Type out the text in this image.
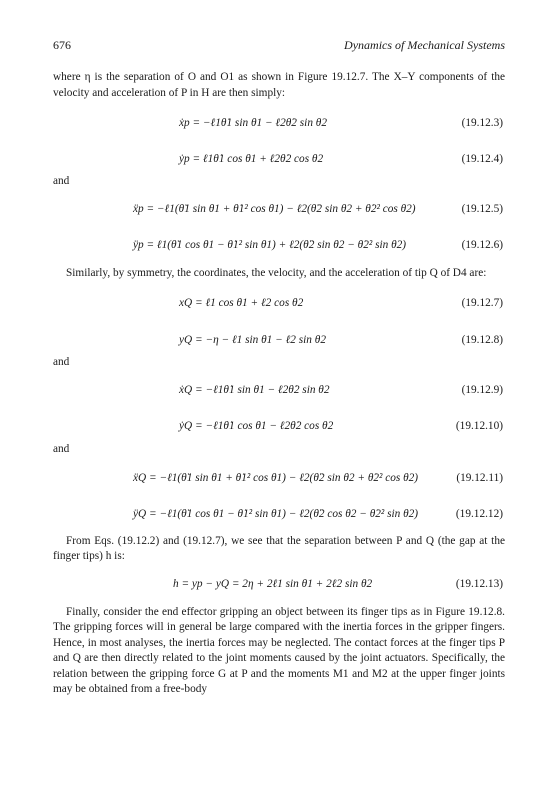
676	Dynamics of Mechanical Systems

where η is the separation of O and O1 as shown in Figure 19.12.7. The X–Y components of the velocity and acceleration of P in H are then simply:

ẋp = −ℓ1θ̇1 sin θ1 − ℓ2θ̇2 sin θ2	(19.12.3)
ẏp = ℓ1θ̇1 cos θ1 + ℓ2θ̇2 cos θ2	(19.12.4)
and
ẍp = −ℓ1(θ̈1 sin θ1 + θ̇1² cos θ1) − ℓ2(θ̈2 sin θ2 + θ̇2² cos θ2)	(19.12.5)
ÿp = ℓ1(θ̈1 cos θ1 − θ̇1² sin θ1) + ℓ2(θ̈2 sin θ2 − θ̇2² sin θ2)	(19.12.6)

Similarly, by symmetry, the coordinates, the velocity, and the acceleration of tip Q of D4 are:

xQ = ℓ1 cos θ1 + ℓ2 cos θ2	(19.12.7)
yQ = −η − ℓ1 sin θ1 − ℓ2 sin θ2	(19.12.8)
and
ẋQ = −ℓ1θ̇1 sin θ1 − ℓ2θ̇2 sin θ2	(19.12.9)
ẏQ = −ℓ1θ̇1 cos θ1 − ℓ2θ̇2 cos θ2	(19.12.10)
and
ẍQ = −ℓ1(θ̈1 sin θ1 + θ̇1² cos θ1) − ℓ2(θ̈2 sin θ2 + θ̇2² cos θ2)	(19.12.11)
ÿQ = −ℓ1(θ̈1 cos θ1 − θ̇1² sin θ1) − ℓ2(θ̈2 cos θ2 − θ̇2² sin θ2)	(19.12.12)

From Eqs. (19.12.2) and (19.12.7), we see that the separation between P and Q (the gap at the finger tips) h is:

h = yp − yQ = 2η + 2ℓ1 sin θ1 + 2ℓ2 sin θ2	(19.12.13)

Finally, consider the end effector gripping an object between its finger tips as in Figure 19.12.8. The gripping forces will in general be large compared with the inertia forces in the gripper fingers. Hence, in most analyses, the inertia forces may be neglected. The contact forces at the finger tips P and Q are then directly related to the joint moments caused by the joint actuators. Specifically, the relation between the gripping force G at P and the moments M1 and M2 at the upper finger joints may be obtained from a free-body
